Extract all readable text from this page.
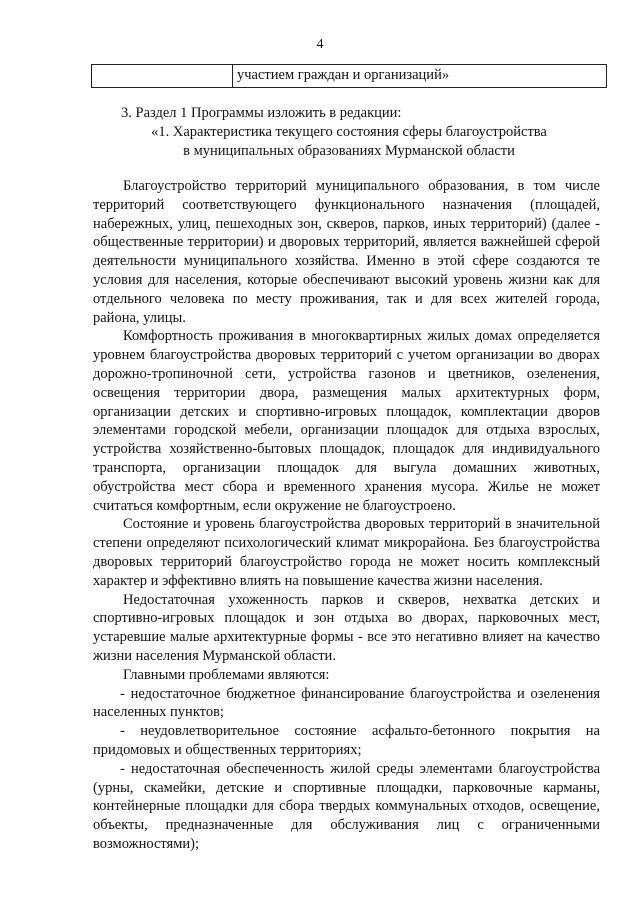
4
участием граждан и организаций»
3. Раздел 1 Программы изложить в редакции:
«1. Характеристика текущего состояния сферы благоустройства
в муниципальных образованиях Мурманской области

Благоустройство территорий муниципального образования, в том числе территорий соответствующего функционального назначения (площадей, набережных, улиц, пешеходных зон, скверов, парков, иных территорий) (далее - общественные территории) и дворовых территорий, является важнейшей сферой деятельности муниципального хозяйства. Именно в этой сфере создаются те условия для населения, которые обеспечивают высокий уровень жизни как для отдельного человека по месту проживания, так и для всех жителей города, района, улицы.

Комфортность проживания в многоквартирных жилых домах определяется уровнем благоустройства дворовых территорий с учетом организации во дворах дорожно-тропиночной сети, устройства газонов и цветников, озеленения, освещения территории двора, размещения малых архитектурных форм, организации детских и спортивно-игровых площадок, комплектации дворов элементами городской мебели, организации площадок для отдыха взрослых, устройства хозяйственно-бытовых площадок, площадок для индивидуального транспорта, организации площадок для выгула домашних животных, обустройства мест сбора и временного хранения мусора. Жилье не может считаться комфортным, если окружение не благоустроено.

Состояние и уровень благоустройства дворовых территорий в значительной степени определяют психологический климат микрорайона. Без благоустройства дворовых территорий благоустройство города не может носить комплексный характер и эффективно влиять на повышение качества жизни населения.

Недостаточная ухоженность парков и скверов, нехватка детских и спортивно-игровых площадок и зон отдыха во дворах, парковочных мест, устаревшие малые архитектурные формы - все это негативно влияет на качество жизни населения Мурманской области.

Главными проблемами являются:

- недостаточное бюджетное финансирование благоустройства и озеленения населенных пунктов;

- неудовлетворительное состояние асфальто-бетонного покрытия на придомовых и общественных территориях;

- недостаточная обеспеченность жилой среды элементами благоустройства (урны, скамейки, детские и спортивные площадки, парковочные карманы, контейнерные площадки для сбора твердых коммунальных отходов, освещение, объекты, предназначенные для обслуживания лиц с ограниченными возможностями);
